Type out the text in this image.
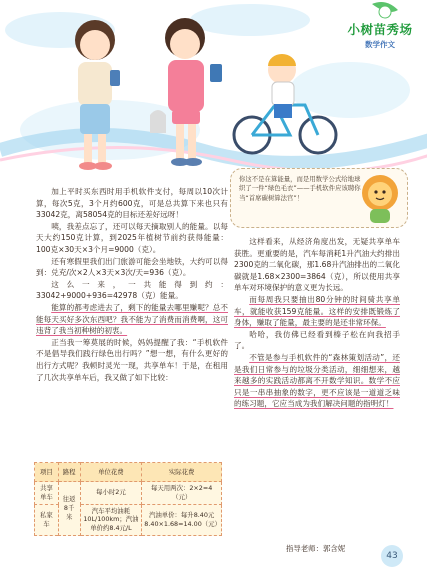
小树苗秀场
数学作文
你这不是在算能量，而是用数学公式给地球织了一件“绿色毛衣”——手机软件应该聘你当“首席碳树算法官”！

加上平时买东西时用手机软件支付，每周以10次计算，每次5克，3个月约600克，可是总共算下来也只有33042克，离58054克的目标还差好远呀！

咦，我差点忘了，还可以每天摘取别人的能量。以每天大约150克计算，到2025年植树节前约获得能量：100克×30天×3个月=9000（克）。

还有寒假里我们出门旅游可能会坐地铁，大约可以得到：兑充/次×2人×3天×3次/天=936（克）。

这么一来，一共能得到约：33042+9000+936=42978（克）能量。

能算的都考虑进去了，剩下的能量去哪里赚呢？总不能每天买好多次东西吧？我不能为了消费而消费啊，这可违背了我当初种树的初衷。

正当我一筹莫展的时候，妈妈提醒了我：“手机软件不是倡导我们践行绿色出行吗？”想一想，有什么更好的出行方式呢？我顿时灵光一现，共享单车！于是，在租用了几次共享单车后，我又做了如下比较：

项目	路程	单位花费	实际花费
共享单车	往返8千米	每小时2元	每天用两次：2×2=4（元）
私家车		汽车平均油耗10L/100km；汽油单价约8.4元/L	汽油单价：每升8.40元 8.40×1.68=14.00（元）

这样看来，从经济角度出发，无疑共享单车获胜。更重要的是，汽车每消耗1升汽油大约排出2300克的二氧化碳，那1.68升汽油排出的二氧化碳就是1.68×2300=3864（克），所以使用共享单车对环境保护的意义更为长远。

而每周我只要抽出80分钟的时间骑共享单车，就能收获159克能量。这样的安排既锻炼了身体，赚取了能量，最主要的是还非常环保。

哈哈，我仿佛已经看到榛子松在向我招手了。

不管是参与手机软件的“森林策划活动”，还是我们日常参与的垃圾分类活动，细细想来，越来越多的实践活动都离不开数学知识。数学不应只是一串串抽象的数字，更不应该是一道道乏味的练习题，它应当成为我们解决问题的指明灯！

指导老师：郭含妮
43
